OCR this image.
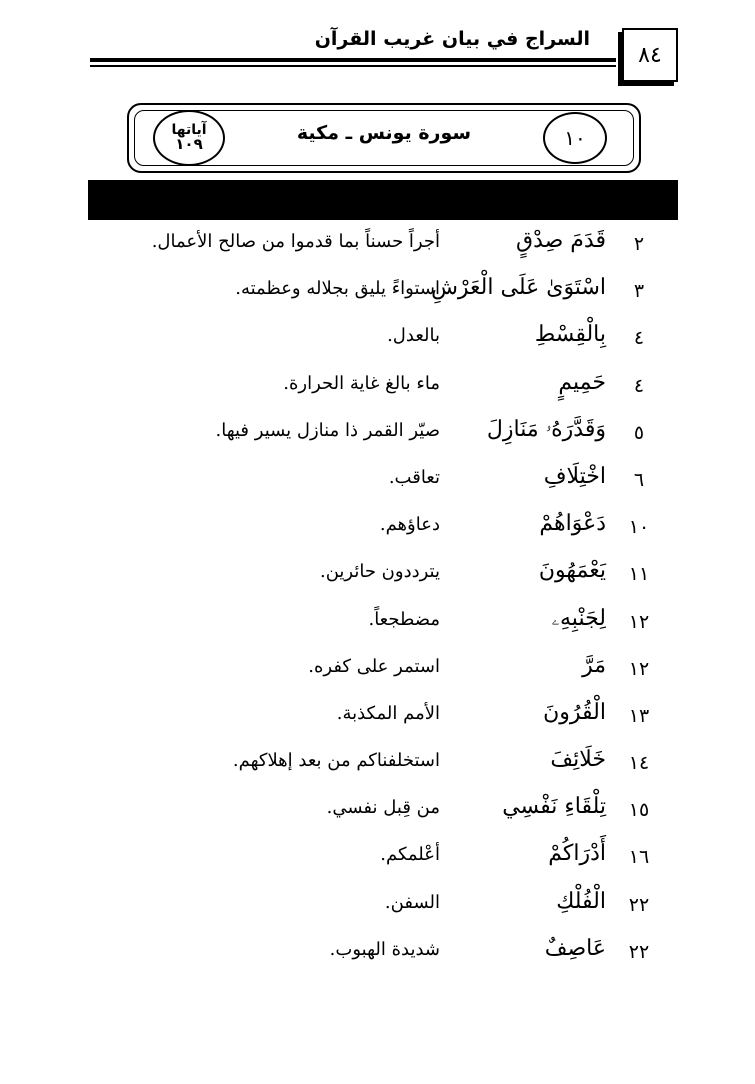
السراج في بيان غريب القرآن
٨٤
سورة يونس ـ مكية	١٠
آياتها
١٠٩
٢
قَدَمَ صِدْقٍ
أجراً حسناً بما قدموا من صالح الأعمال.
٣
اسْتَوَىٰ عَلَى الْعَرْشِ
استواءً يليق بجلاله وعظمته.
٤
بِالْقِسْطِ
بالعدل.
٤
حَمِيمٍ
ماء بالغ غاية الحرارة.
٥
وَقَدَّرَهُۥ مَنَازِلَ
صيّر القمر ذا منازل يسير فيها.
٦
اخْتِلَافِ
تعاقب.
١٠
دَعْوَاهُمْ
دعاؤهم.
١١
يَعْمَهُونَ
يترددون حائرين.
١٢
لِجَنْبِهِۦ
مضطجعاً.
١٢
مَرَّ
استمر على كفره.
١٣
الْقُرُونَ
الأمم المكذبة.
١٤
خَلَائِفَ
استخلفناكم من بعد إهلاكهم.
١٥
تِلْقَاءِ نَفْسِي
من قِبل نفسي.
١٦
أَدْرَاكُمْ
أعْلمكم.
٢٢
الْفُلْكِ
السفن.
٢٢
عَاصِفٌ
شديدة الهبوب.
